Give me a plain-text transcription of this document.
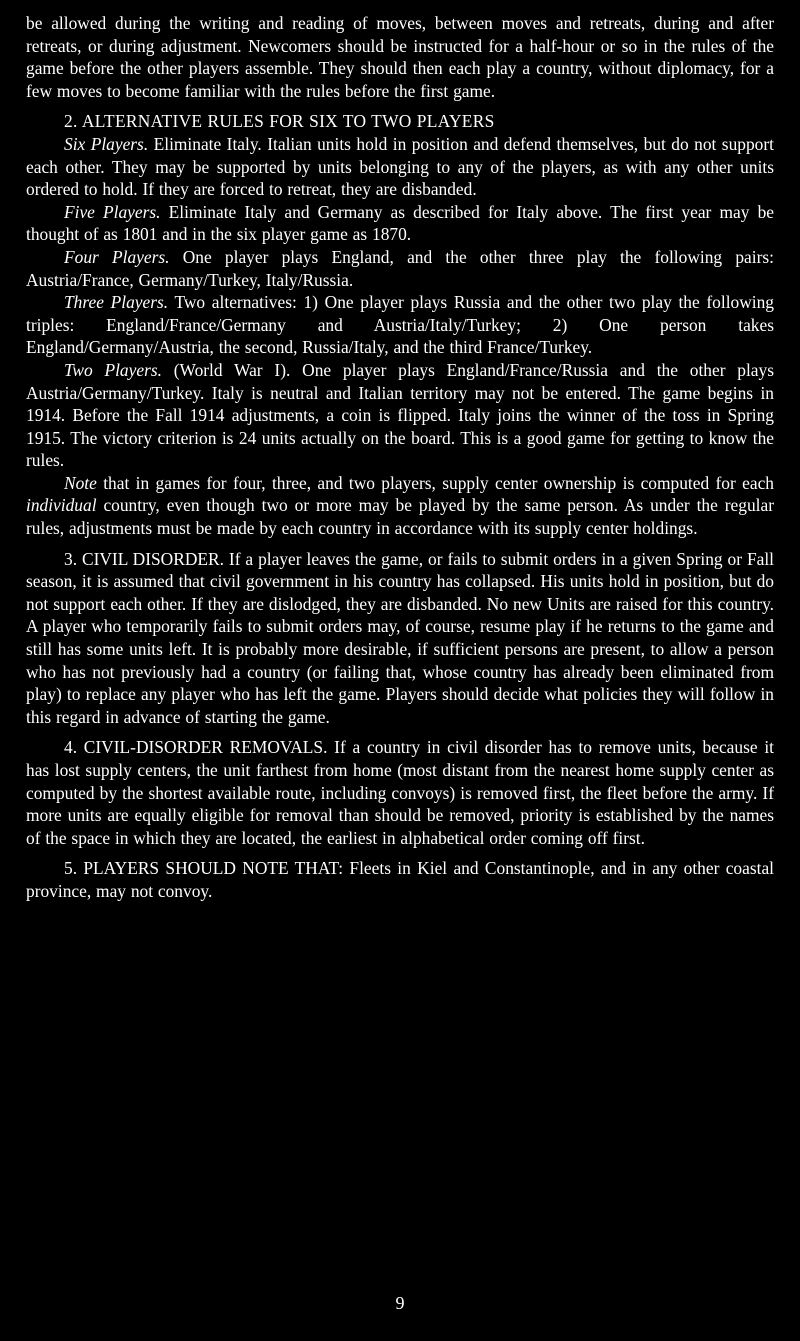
be allowed during the writing and reading of moves, between moves and retreats, during and after retreats, or during adjustment. Newcomers should be instructed for a half-hour or so in the rules of the game before the other players assemble. They should then each play a country, without diplomacy, for a few moves to become familiar with the rules before the first game.

2. ALTERNATIVE RULES FOR SIX TO TWO PLAYERS

Six Players. Eliminate Italy. Italian units hold in position and defend themselves, but do not support each other. They may be supported by units belonging to any of the players, as with any other units ordered to hold. If they are forced to retreat, they are disbanded.

Five Players. Eliminate Italy and Germany as described for Italy above. The first year may be thought of as 1801 and in the six player game as 1870.

Four Players. One player plays England, and the other three play the following pairs: Austria/France, Germany/Turkey, Italy/Russia.

Three Players. Two alternatives: 1) One player plays Russia and the other two play the following triples: England/France/Germany and Austria/Italy/Turkey; 2) One person takes England/Germany/Austria, the second, Russia/Italy, and the third France/Turkey.

Two Players. (World War I). One player plays England/France/Russia and the other plays Austria/Germany/Turkey. Italy is neutral and Italian territory may not be entered. The game begins in 1914. Before the Fall 1914 adjustments, a coin is flipped. Italy joins the winner of the toss in Spring 1915. The victory criterion is 24 units actually on the board. This is a good game for getting to know the rules.

Note that in games for four, three, and two players, supply center ownership is computed for each individual country, even though two or more may be played by the same person. As under the regular rules, adjustments must be made by each country in accordance with its supply center holdings.

3. CIVIL DISORDER. If a player leaves the game, or fails to submit orders in a given Spring or Fall season, it is assumed that civil government in his country has collapsed. His units hold in position, but do not support each other. If they are dislodged, they are disbanded. No new Units are raised for this country. A player who temporarily fails to submit orders may, of course, resume play if he returns to the game and still has some units left. It is probably more desirable, if sufficient persons are present, to allow a person who has not previously had a country (or failing that, whose country has already been eliminated from play) to replace any player who has left the game. Players should decide what policies they will follow in this regard in advance of starting the game.

4. CIVIL-DISORDER REMOVALS. If a country in civil disorder has to remove units, because it has lost supply centers, the unit farthest from home (most distant from the nearest home supply center as computed by the shortest available route, including convoys) is removed first, the fleet before the army. If more units are equally eligible for removal than should be removed, priority is established by the names of the space in which they are located, the earliest in alphabetical order coming off first.

5. PLAYERS SHOULD NOTE THAT: Fleets in Kiel and Constantinople, and in any other coastal province, may not convoy.

9
